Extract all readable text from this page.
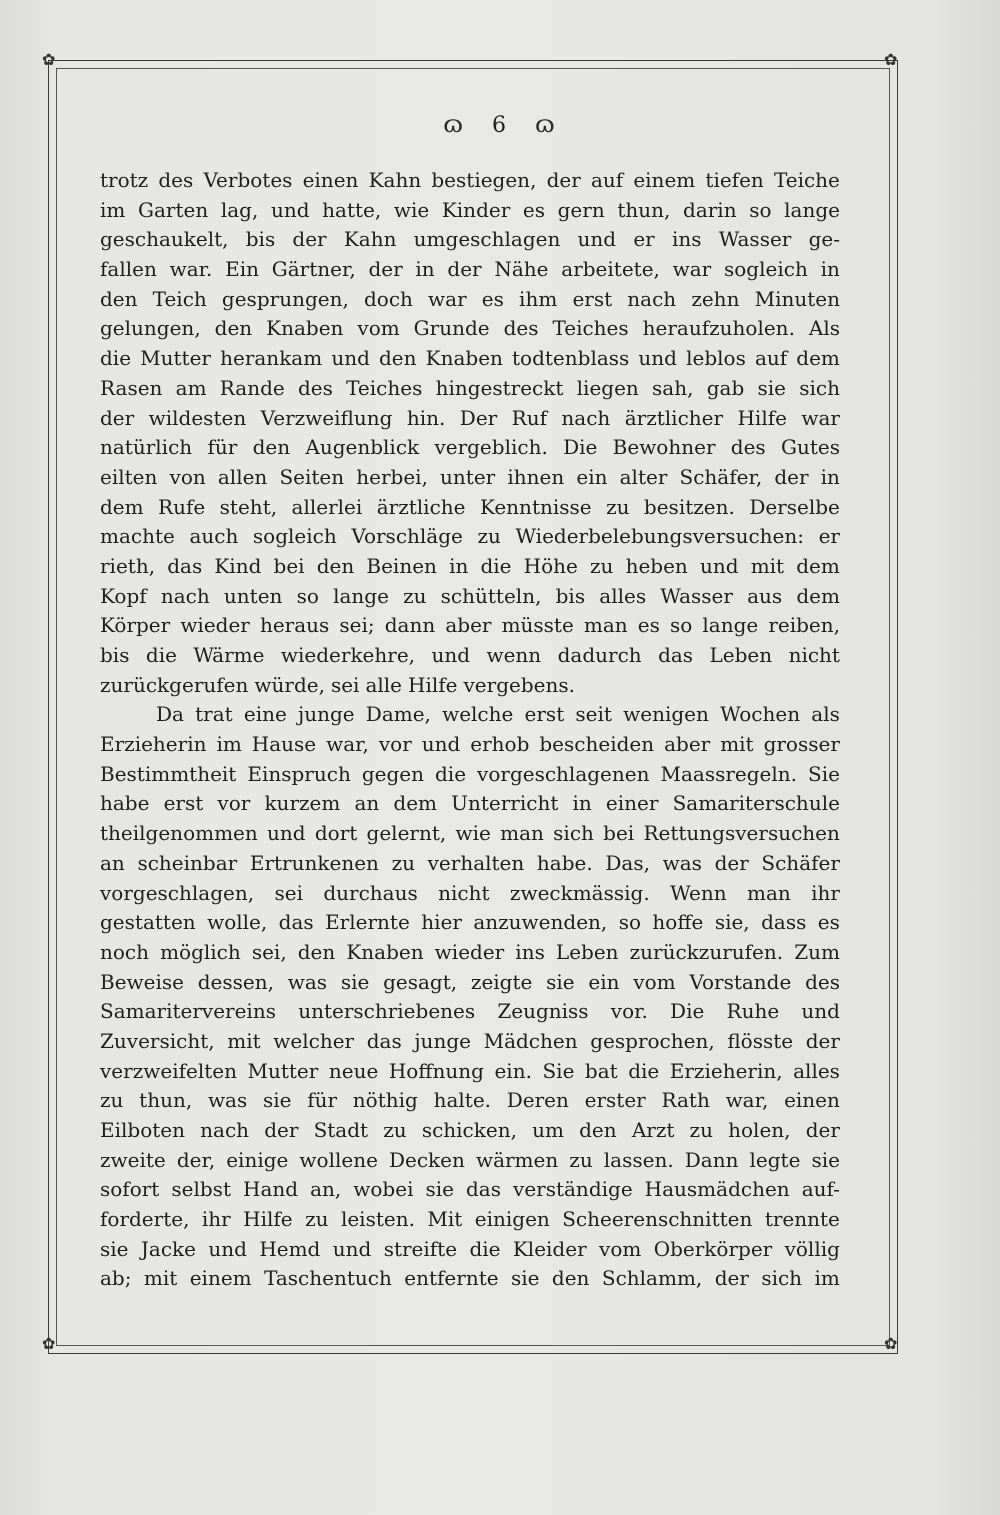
✿	✿
✿	✿
ɷ 6 ɷ
trotz des Verbotes einen Kahn bestiegen, der auf einem tiefen Teiche
im Garten lag, und hatte, wie Kinder es gern thun, darin so lange
geschaukelt, bis der Kahn umgeschlagen und er ins Wasser ge-
fallen war. Ein Gärtner, der in der Nähe arbeitete, war sogleich in
den Teich gesprungen, doch war es ihm erst nach zehn Minuten
gelungen, den Knaben vom Grunde des Teiches heraufzuholen. Als
die Mutter herankam und den Knaben todtenblass und leblos auf dem
Rasen am Rande des Teiches hingestreckt liegen sah, gab sie sich
der wildesten Verzweiflung hin. Der Ruf nach ärztlicher Hilfe war
natürlich für den Augenblick vergeblich. Die Bewohner des Gutes
eilten von allen Seiten herbei, unter ihnen ein alter Schäfer, der in
dem Rufe steht, allerlei ärztliche Kenntnisse zu besitzen. Derselbe
machte auch sogleich Vorschläge zu Wiederbelebungsversuchen: er
rieth, das Kind bei den Beinen in die Höhe zu heben und mit dem
Kopf nach unten so lange zu schütteln, bis alles Wasser aus dem
Körper wieder heraus sei; dann aber müsste man es so lange reiben,
bis die Wärme wiederkehre, und wenn dadurch das Leben nicht
zurückgerufen würde, sei alle Hilfe vergebens.
Da trat eine junge Dame, welche erst seit wenigen Wochen als
Erzieherin im Hause war, vor und erhob bescheiden aber mit grosser
Bestimmtheit Einspruch gegen die vorgeschlagenen Maassregeln. Sie
habe erst vor kurzem an dem Unterricht in einer Samariterschule
theilgenommen und dort gelernt, wie man sich bei Rettungsversuchen
an scheinbar Ertrunkenen zu verhalten habe. Das, was der Schäfer
vorgeschlagen, sei durchaus nicht zweckmässig. Wenn man ihr
gestatten wolle, das Erlernte hier anzuwenden, so hoffe sie, dass es
noch möglich sei, den Knaben wieder ins Leben zurückzurufen. Zum
Beweise dessen, was sie gesagt, zeigte sie ein vom Vorstande des
Samaritervereins unterschriebenes Zeugniss vor. Die Ruhe und
Zuversicht, mit welcher das junge Mädchen gesprochen, flösste der
verzweifelten Mutter neue Hoffnung ein. Sie bat die Erzieherin, alles
zu thun, was sie für nöthig halte. Deren erster Rath war, einen
Eilboten nach der Stadt zu schicken, um den Arzt zu holen, der
zweite der, einige wollene Decken wärmen zu lassen. Dann legte sie
sofort selbst Hand an, wobei sie das verständige Hausmädchen auf-
forderte, ihr Hilfe zu leisten. Mit einigen Scheerenschnitten trennte
sie Jacke und Hemd und streifte die Kleider vom Oberkörper völlig
ab; mit einem Taschentuch entfernte sie den Schlamm, der sich im
